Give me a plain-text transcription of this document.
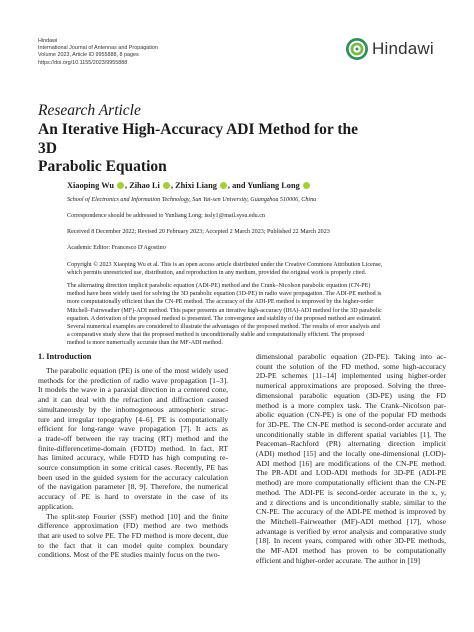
Hindawi
International Journal of Antennas and Propagation
Volume 2023, Article ID 9955888, 8 pages
https://doi.org/10.1155/2023/9955888
Hindawi
Research Article
An Iterative High-Accuracy ADI Method for the 3D
Parabolic Equation
Xiaoping Wu , Zihao Li , Zhixi Liang , and Yunliang Long
School of Electronics and Information Technology, Sun Yat-sen University, Guangzhou 510006, China
Correspondence should be addressed to Yunliang Long; issly1@mail.sysu.edu.cn
Received 8 December 2022; Revised 20 February 2023; Accepted 2 March 2023; Published 22 March 2023
Academic Editor: Francesco D'Agostino
Copyright © 2023 Xiaoping Wu et al. This is an open access article distributed under the Creative Commons Attribution License,
which permits unrestricted use, distribution, and reproduction in any medium, provided the original work is properly cited.
The alternating direction implicit parabolic equation (ADI-PE) method and the Crank–Nicolson parabolic equation (CN-PE)
method have been widely used for solving the 3D parabolic equation (3D-PE) in radio wave propagation. The ADI-PE method is
more computationally efficient than the CN-PE method. The accuracy of the ADI-PE method is improved by the higher-order
Mitchell–Fairweather (MF)-ADI method. This paper presents an iterative high-accuracy (IHA)-ADI method for the 3D parabolic
equation. A derivation of the proposed method is presented. The convergence and stability of the proposed method are estimated.
Several numerical examples are considered to illustrate the advantages of the proposed method. The results of error analysis and
a comparative study show that the proposed method is unconditionally stable and computationally efficient. The proposed
method is more numerically accurate than the MF-ADI method.
1. Introduction
The parabolic equation (PE) is one of the most widely used
methods for the prediction of radio wave propagation [1–3].
It models the wave in a paraxial direction in a centered cone,
and it can deal with the refraction and diffraction caused
simultaneously by the inhomogeneous atmospheric struc-
ture and irregular topography [4–6]. PE is computationally
efficient for long-range wave propagation [7]. It acts as
a trade-off between the ray tracing (RT) method and the
finite-differencetime-domain (FDTD) method. In fact, RT
has limited accuracy, while FDTD has high computing re-
source consumption in some critical cases. Recently, PE has
been used in the guided system for the accuracy calculation
of the navigation parameter [8, 9]. Therefore, the numerical
accuracy of PE is hard to overstate in the case of its
application.
The split-step Fourier (SSF) method [10] and the finite
difference approximation (FD) method are two methods
that are used to solve PE. The FD method is more decent, due
to the fact that it can model quite complex boundary
conditions. Most of the PE studies mainly focus on the two-
dimensional parabolic equation (2D-PE). Taking into ac-
count the solution of the FD method, some high-accuracy
2D-PE schemes [11–14] implemented using higher-order
numerical approximations are proposed. Solving the three-
dimensional parabolic equation (3D-PE) using the FD
method is a more complex task. The Crank–Nicolson par-
abolic equation (CN-PE) is one of the popular FD methods
for 3D-PE. The CN-PE method is second-order accurate and
unconditionally stable in different spatial variables [1]. The
Peaceman–Rachford (PR) alternating direction implicit
(ADI) method [15] and the locally one-dimensional (LOD)-
ADI method [16] are modifications of the CN-PE method.
The PR-ADI and LOD-ADI methods for 3D-PE (ADI-PE
method) are more computationally efficient than the CN-PE
method. The ADI-PE is second-order accurate in the x, y,
and z directions and is unconditionally stable, similar to the
CN-PE. The accuracy of the ADI-PE method is improved by
the Mitchell–Fairweather (MF)-ADI method [17], whose
advantage is verified by error analysis and comparative study
[18]. In recent years, compared with other 3D-PE methods,
the MF-ADI method has proven to be computationally
efficient and higher-order accurate. The author in [19]
